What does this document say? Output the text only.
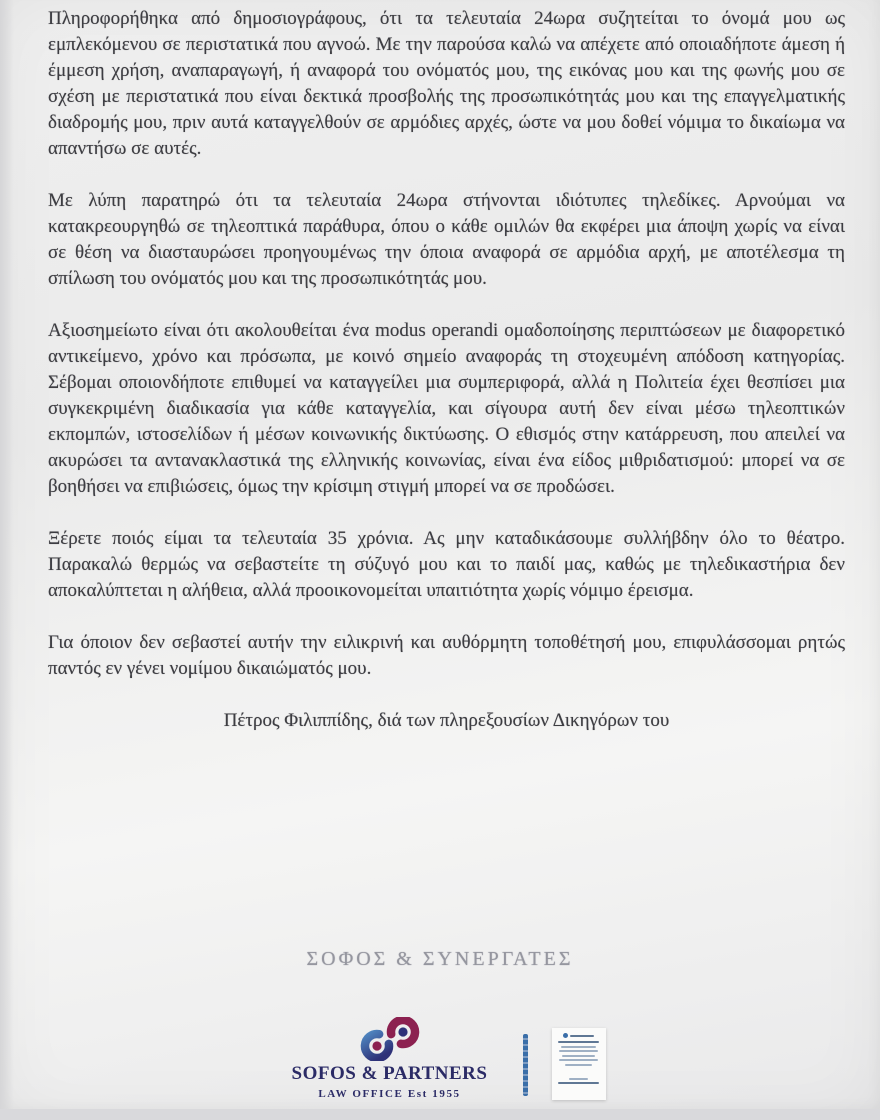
Πληροφορήθηκα από δημοσιογράφους, ότι τα τελευταία 24ωρα συζητείται το όνομά μου ως εμπλεκόμενου σε περιστατικά που αγνοώ. Με την παρούσα καλώ να απέχετε από οποιαδήποτε άμεση ή έμμεση χρήση, αναπαραγωγή, ή αναφορά του ονόματός μου, της εικόνας μου και της φωνής μου σε σχέση με περιστατικά που είναι δεκτικά προσβολής της προσωπικότητάς μου και της επαγγελματικής διαδρομής μου, πριν αυτά καταγγελθούν σε αρμόδιες αρχές, ώστε να μου δοθεί νόμιμα το δικαίωμα να απαντήσω σε αυτές.

Με λύπη παρατηρώ ότι τα τελευταία 24ωρα στήνονται ιδιότυπες τηλεδίκες. Αρνούμαι να κατακρεουργηθώ σε τηλεοπτικά παράθυρα, όπου ο κάθε ομιλών θα εκφέρει μια άποψη χωρίς να είναι σε θέση να διασταυρώσει προηγουμένως την όποια αναφορά σε αρμόδια αρχή, με αποτέλεσμα τη σπίλωση του ονόματός μου και της προσωπικότητάς μου.

Αξιοσημείωτο είναι ότι ακολουθείται ένα modus operandi ομαδοποίησης περιπτώσεων με διαφορετικό αντικείμενο, χρόνο και πρόσωπα, με κοινό σημείο αναφοράς τη στοχευμένη απόδοση κατηγορίας. Σέβομαι οποιονδήποτε επιθυμεί να καταγγείλει μια συμπεριφορά, αλλά η Πολιτεία έχει θεσπίσει μια συγκεκριμένη διαδικασία για κάθε καταγγελία, και σίγουρα αυτή δεν είναι μέσω τηλεοπτικών εκπομπών, ιστοσελίδων ή μέσων κοινωνικής δικτύωσης. Ο εθισμός στην κατάρρευση, που απειλεί να ακυρώσει τα αντανακλαστικά της ελληνικής κοινωνίας, είναι ένα είδος μιθριδατισμού: μπορεί να σε βοηθήσει να επιβιώσεις, όμως την κρίσιμη στιγμή μπορεί να σε προδώσει.

Ξέρετε ποιός είμαι τα τελευταία 35 χρόνια. Ας μην καταδικάσουμε συλλήβδην όλο το θέατρο. Παρακαλώ θερμώς να σεβαστείτε τη σύζυγό μου και το παιδί μας, καθώς με τηλεδικαστήρια δεν αποκαλύπτεται η αλήθεια, αλλά προοικονομείται υπαιτιότητα χωρίς νόμιμο έρεισμα.

Για όποιον δεν σεβαστεί αυτήν την ειλικρινή και αυθόρμητη τοποθέτησή μου, επιφυλάσσομαι ρητώς παντός εν γένει νομίμου δικαιώματός μου.

Πέτρος Φιλιππίδης, διά των πληρεξουσίων Δικηγόρων του

ΣΟΦΟΣ & ΣΥΝΕΡΓΑΤΕΣ
SOFOS & PARTNERS
LAW OFFICE Est 1955
